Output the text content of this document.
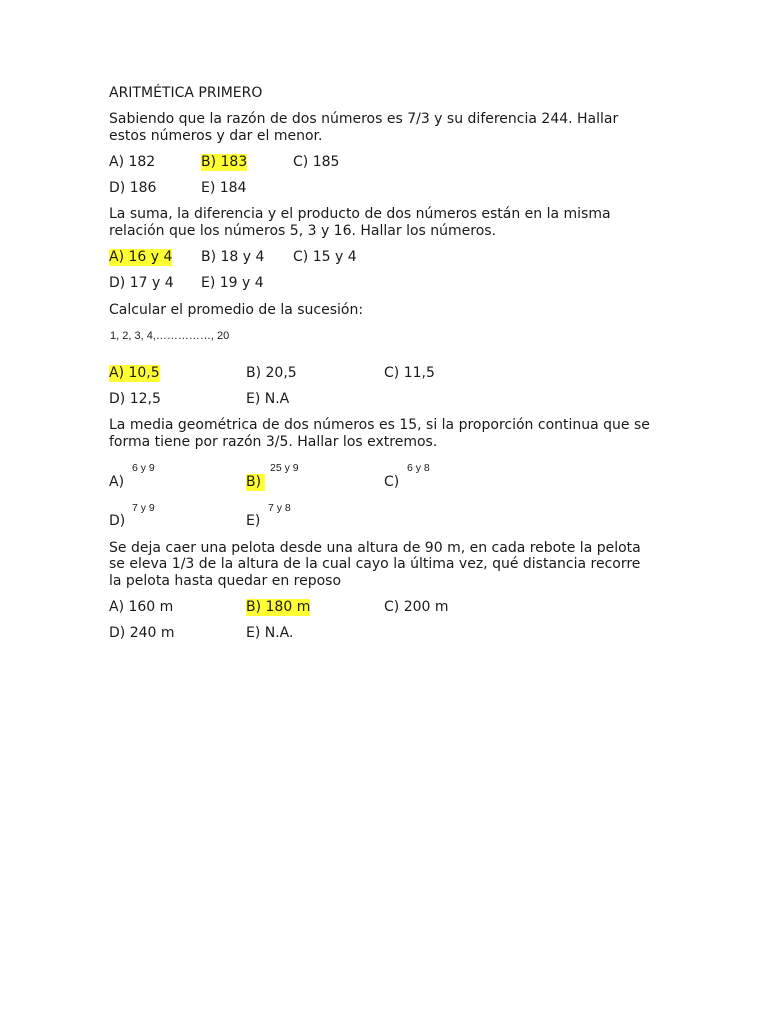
ARITMÉTICA PRIMERO
Sabiendo que la razón de dos números es 7/3 y su diferencia 244. Hallar
estos números y dar el menor.
A) 182	B) 183	C) 185
D) 186	E) 184
La suma, la diferencia y el producto de dos números están en la misma
relación que los números 5, 3 y 16. Hallar los números.
A) 16 y 4 B) 18 y 4 C) 15 y 4
D) 17 y 4 E) 19 y 4
Calcular el promedio de la sucesión:
1, 2, 3, 4,……………, 20
A) 10,5	B) 20,5	C) 11,5
D) 12,5	E) N.A
La media geométrica de dos números es 15, si la proporción continua que se
forma tiene por razón 3/5. Hallar los extremos.
6 y 9	25 y 9	6 y 8
A)	B)	C)
7 y 9	7 y 8
D)	E)
Se deja caer una pelota desde una altura de 90 m, en cada rebote la pelota
se eleva 1/3 de la altura de la cual cayo la última vez, qué distancia recorre
la pelota hasta quedar en reposo
A) 160 m	B) 180 m	C) 200 m
D) 240 m	E) N.A.
